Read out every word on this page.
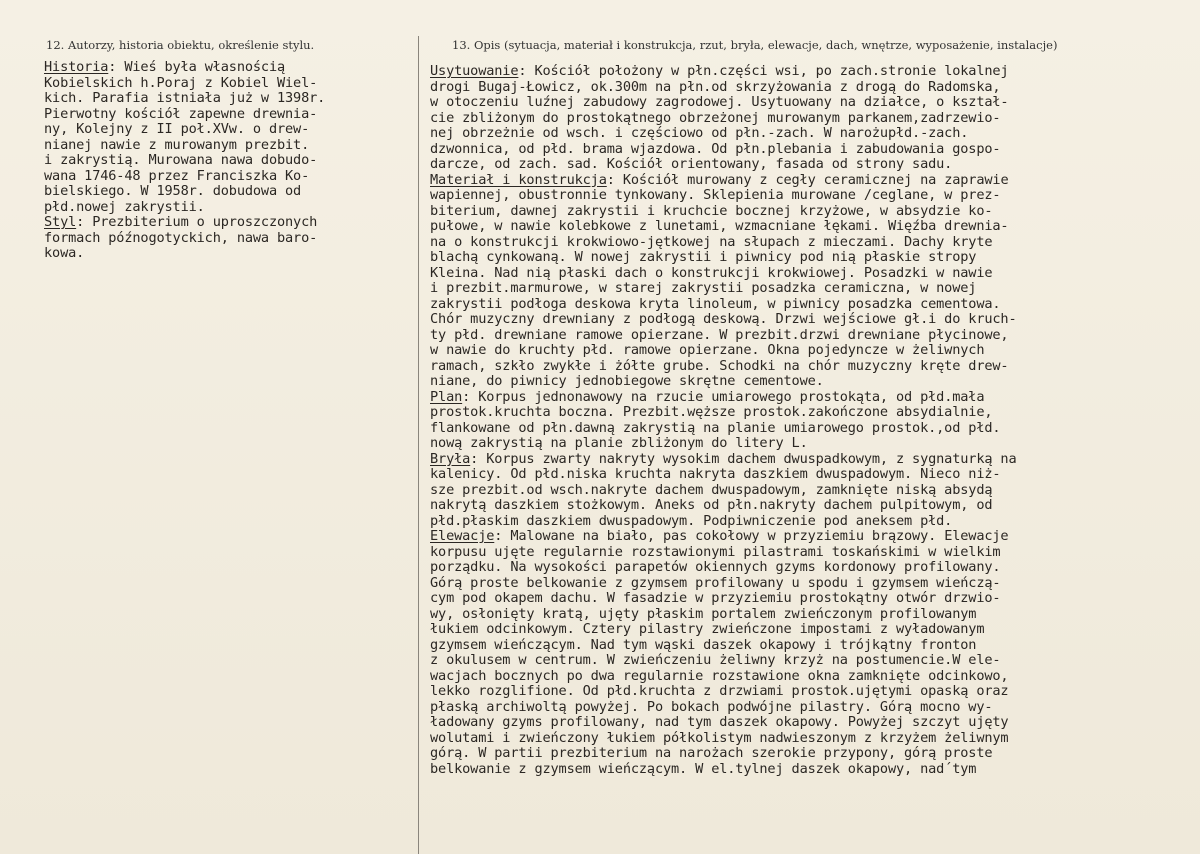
12. Autorzy, historia obiektu, określenie stylu.	13. Opis (sytuacja, materiał i konstrukcja, rzut, bryła, elewacje, dach, wnętrze, wyposażenie, instalacje)
Historia: Wieś była własnością
Kobielskich h.Poraj z Kobiel Wiel-
kich. Parafia istniała już w 1398r.
Pierwotny kościół zapewne drewnia-
ny, Kolejny z II poł.XVw. o drew-
nianej nawie z murowanym prezbit.
i zakrystią. Murowana nawa dobudo-
wana 1746-48 przez Franciszka Ko-
bielskiego. W 1958r. dobudowa od
płd.nowej zakrystii.
Styl: Prezbiterium o uproszczonych
formach późnogotyckich, nawa baro-
kowa.
Usytuowanie: Kościół położony w płn.części wsi, po zach.stronie lokalnej
drogi Bugaj-Łowicz, ok.300m na płn.od skrzyżowania z drogą do Radomska,
w otoczeniu luźnej zabudowy zagrodowej. Usytuowany na działce, o kształ-
cie zbliżonym do prostokątnego obrzeżonej murowanym parkanem,zadrzewio-
nej obrzeżnie od wsch. i częściowo od płn.-zach. W narożupłd.-zach.
dzwonnica, od płd. brama wjazdowa. Od płn.plebania i zabudowania gospo-
darcze, od zach. sad. Kościół orientowany, fasada od strony sadu.
Materiał i konstrukcja: Kościół murowany z cegły ceramicznej na zaprawie
wapiennej, obustronnie tynkowany. Sklepienia murowane /ceglane, w prez-
biterium, dawnej zakrystii i kruchcie bocznej krzyżowe, w absydzie ko-
pułowe, w nawie kolebkowe z lunetami, wzmacniane łękami. Więźba drewnia-
na o konstrukcji krokwiowo-jętkowej na słupach z mieczami. Dachy kryte
blachą cynkowaną. W nowej zakrystii i piwnicy pod nią płaskie stropy
Kleina. Nad nią płaski dach o konstrukcji krokwiowej. Posadzki w nawie
i prezbit.marmurowe, w starej zakrystii posadzka ceramiczna, w nowej
zakrystii podłoga deskowa kryta linoleum, w piwnicy posadzka cementowa.
Chór muzyczny drewniany z podłogą deskową. Drzwi wejściowe gł.i do kruch-
ty płd. drewniane ramowe opierzane. W prezbit.drzwi drewniane płycinowe,
w nawie do kruchty płd. ramowe opierzane. Okna pojedyncze w żeliwnych
ramach, szkło zwykłe i żółte grube. Schodki na chór muzyczny kręte drew-
niane, do piwnicy jednobiegowe skrętne cementowe.
Plan: Korpus jednonawowy na rzucie umiarowego prostokąta, od płd.mała
prostok.kruchta boczna. Prezbit.węższe prostok.zakończone absydialnie,
flankowane od płn.dawną zakrystią na planie umiarowego prostok.,od płd.
nową zakrystią na planie zbliżonym do litery L.
Bryła: Korpus zwarty nakryty wysokim dachem dwuspadkowym, z sygnaturką na
kalenicy. Od płd.niska kruchta nakryta daszkiem dwuspadowym. Nieco niż-
sze prezbit.od wsch.nakryte dachem dwuspadowym, zamknięte niską absydą
nakrytą daszkiem stożkowym. Aneks od płn.nakryty dachem pulpitowym, od
płd.płaskim daszkiem dwuspadowym. Podpiwniczenie pod aneksem płd.
Elewacje: Malowane na biało, pas cokołowy w przyziemiu brązowy. Elewacje
korpusu ujęte regularnie rozstawionymi pilastrami toskańskimi w wielkim
porządku. Na wysokości parapetów okiennych gzyms kordonowy profilowany.
Górą proste belkowanie z gzymsem profilowany u spodu i gzymsem wieńczą-
cym pod okapem dachu. W fasadzie w przyziemiu prostokątny otwór drzwio-
wy, osłonięty kratą, ujęty płaskim portalem zwieńczonym profilowanym
łukiem odcinkowym. Cztery pilastry zwieńczone impostami z wyładowanym
gzymsem wieńczącym. Nad tym wąski daszek okapowy i trójkątny fronton
z okulusem w centrum. W zwieńczeniu żeliwny krzyż na postumencie.W ele-
wacjach bocznych po dwa regularnie rozstawione okna zamknięte odcinkowo,
lekko rozglifione. Od płd.kruchta z drzwiami prostok.ujętymi opaską oraz
płaską archiwoltą powyżej. Po bokach podwójne pilastry. Górą mocno wy-
ładowany gzyms profilowany, nad tym daszek okapowy. Powyżej szczyt ujęty
wolutami i zwieńczony łukiem półkolistym nadwieszonym z krzyżem żeliwnym
górą. W partii prezbiterium na narożach szerokie przypony, górą proste
belkowanie z gzymsem wieńczącym. W el.tylnej daszek okapowy, nad´tym
